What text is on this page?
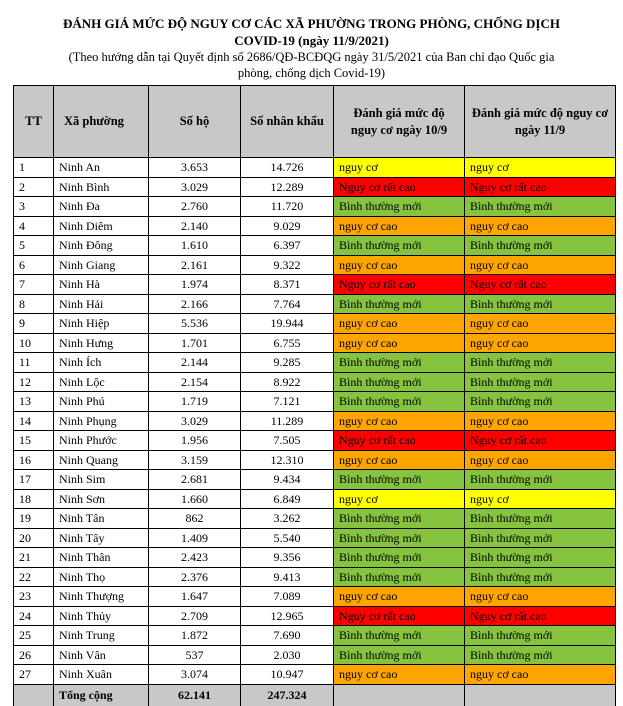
ĐÁNH GIÁ MỨC ĐỘ NGUY CƠ CÁC XÃ PHƯỜNG TRONG PHÒNG, CHỐNG DỊCH
COVID-19 (ngày 11/9/2021)
(Theo hướng dẫn tại Quyết định số 2686/QĐ-BCĐQG ngày 31/5/2021 của Ban chỉ đạo Quốc gia
phòng, chống dịch Covid-19)
TT	Xã phường	Số hộ	Số nhân khẩu	Đánh giá mức độ nguy cơ ngày 10/9	Đánh giá mức độ nguy cơ ngày 11/9
1	Ninh An	3.653	14.726	nguy cơ	nguy cơ
2	Ninh Bình	3.029	12.289	Nguy cơ rất cao	Nguy cơ rất cao
3	Ninh Đa	2.760	11.720	Bình thường mới	Bình thường mới
4	Ninh Diêm	2.140	9.029	nguy cơ cao	nguy cơ cao
5	Ninh Đông	1.610	6.397	Bình thường mới	Bình thường mới
6	Ninh Giang	2.161	9.322	nguy cơ cao	nguy cơ cao
7	Ninh Hà	1.974	8.371	Nguy cơ rất cao	Nguy cơ rất cao
8	Ninh Hải	2.166	7.764	Bình thường mới	Bình thường mới
9	Ninh Hiệp	5.536	19.944	nguy cơ cao	nguy cơ cao
10	Ninh Hưng	1.701	6.755	nguy cơ cao	nguy cơ cao
11	Ninh Ích	2.144	9.285	Bình thường mới	Bình thường mới
12	Ninh Lộc	2.154	8.922	Bình thường mới	Bình thường mới
13	Ninh Phú	1.719	7.121	Bình thường mới	Bình thường mới
14	Ninh Phụng	3.029	11.289	nguy cơ cao	nguy cơ cao
15	Ninh Phước	1.956	7.505	Nguy cơ rất cao	Nguy cơ rất cao
16	Ninh Quang	3.159	12.310	nguy cơ cao	nguy cơ cao
17	Ninh Sim	2.681	9.434	Bình thường mới	Bình thường mới
18	Ninh Sơn	1.660	6.849	nguy cơ	nguy cơ
19	Ninh Tân	862	3.262	Bình thường mới	Bình thường mới
20	Ninh Tây	1.409	5.540	Bình thường mới	Bình thường mới
21	Ninh Thân	2.423	9.356	Bình thường mới	Bình thường mới
22	Ninh Thọ	2.376	9.413	Bình thường mới	Bình thường mới
23	Ninh Thượng	1.647	7.089	nguy cơ cao	nguy cơ cao
24	Ninh Thủy	2.709	12.965	Nguy cơ rất cao	Nguy cơ rất cao
25	Ninh Trung	1.872	7.690	Bình thường mới	Bình thường mới
26	Ninh Vân	537	2.030	Bình thường mới	Bình thường mới
27	Ninh Xuân	3.074	10.947	nguy cơ cao	nguy cơ cao
	Tổng cộng	62.141	247.324		
